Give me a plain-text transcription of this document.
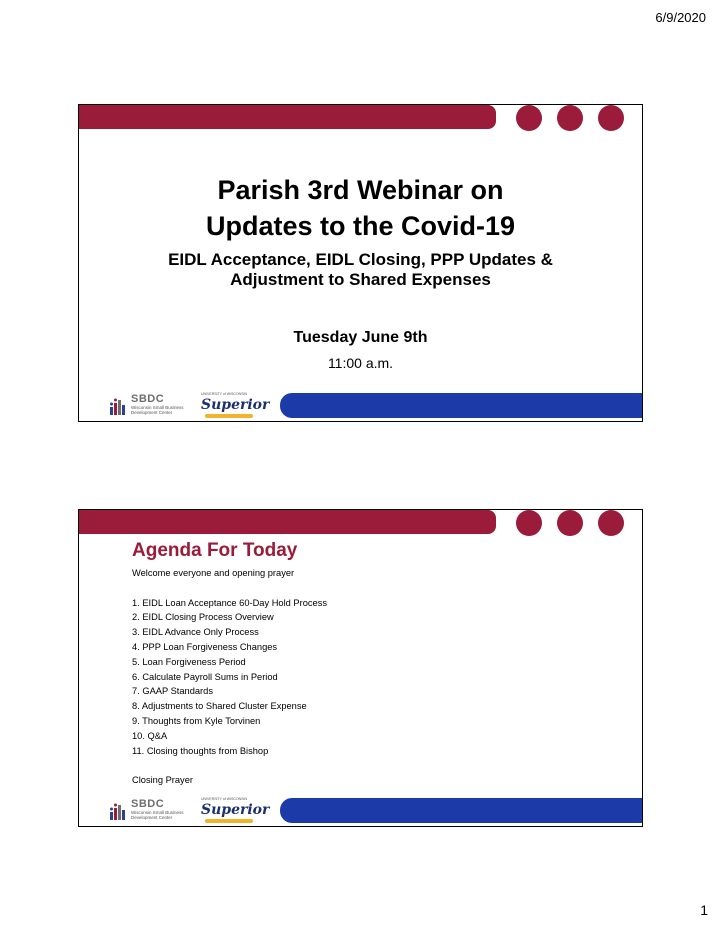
6/9/2020
Parish 3rd Webinar on
Updates to the Covid-19
EIDL Acceptance, EIDL Closing, PPP Updates &
Adjustment to Shared Expenses
Tuesday June 9th
11:00 a.m.
SBDC
Wisconsin Small Business Development Center
UNIVERSITY of WISCONSIN
Superior
Agenda For Today
Welcome everyone and opening prayer
1. EIDL Loan Acceptance 60-Day Hold Process
2. EIDL Closing Process Overview
3. EIDL Advance Only Process
4. PPP Loan Forgiveness Changes
5. Loan Forgiveness Period
6. Calculate Payroll Sums in Period
7. GAAP Standards
8. Adjustments to Shared Cluster Expense
9. Thoughts from Kyle Torvinen
10. Q&A
11. Closing thoughts from Bishop
Closing Prayer
SBDC
Wisconsin Small Business Development Center
UNIVERSITY of WISCONSIN
Superior
1
